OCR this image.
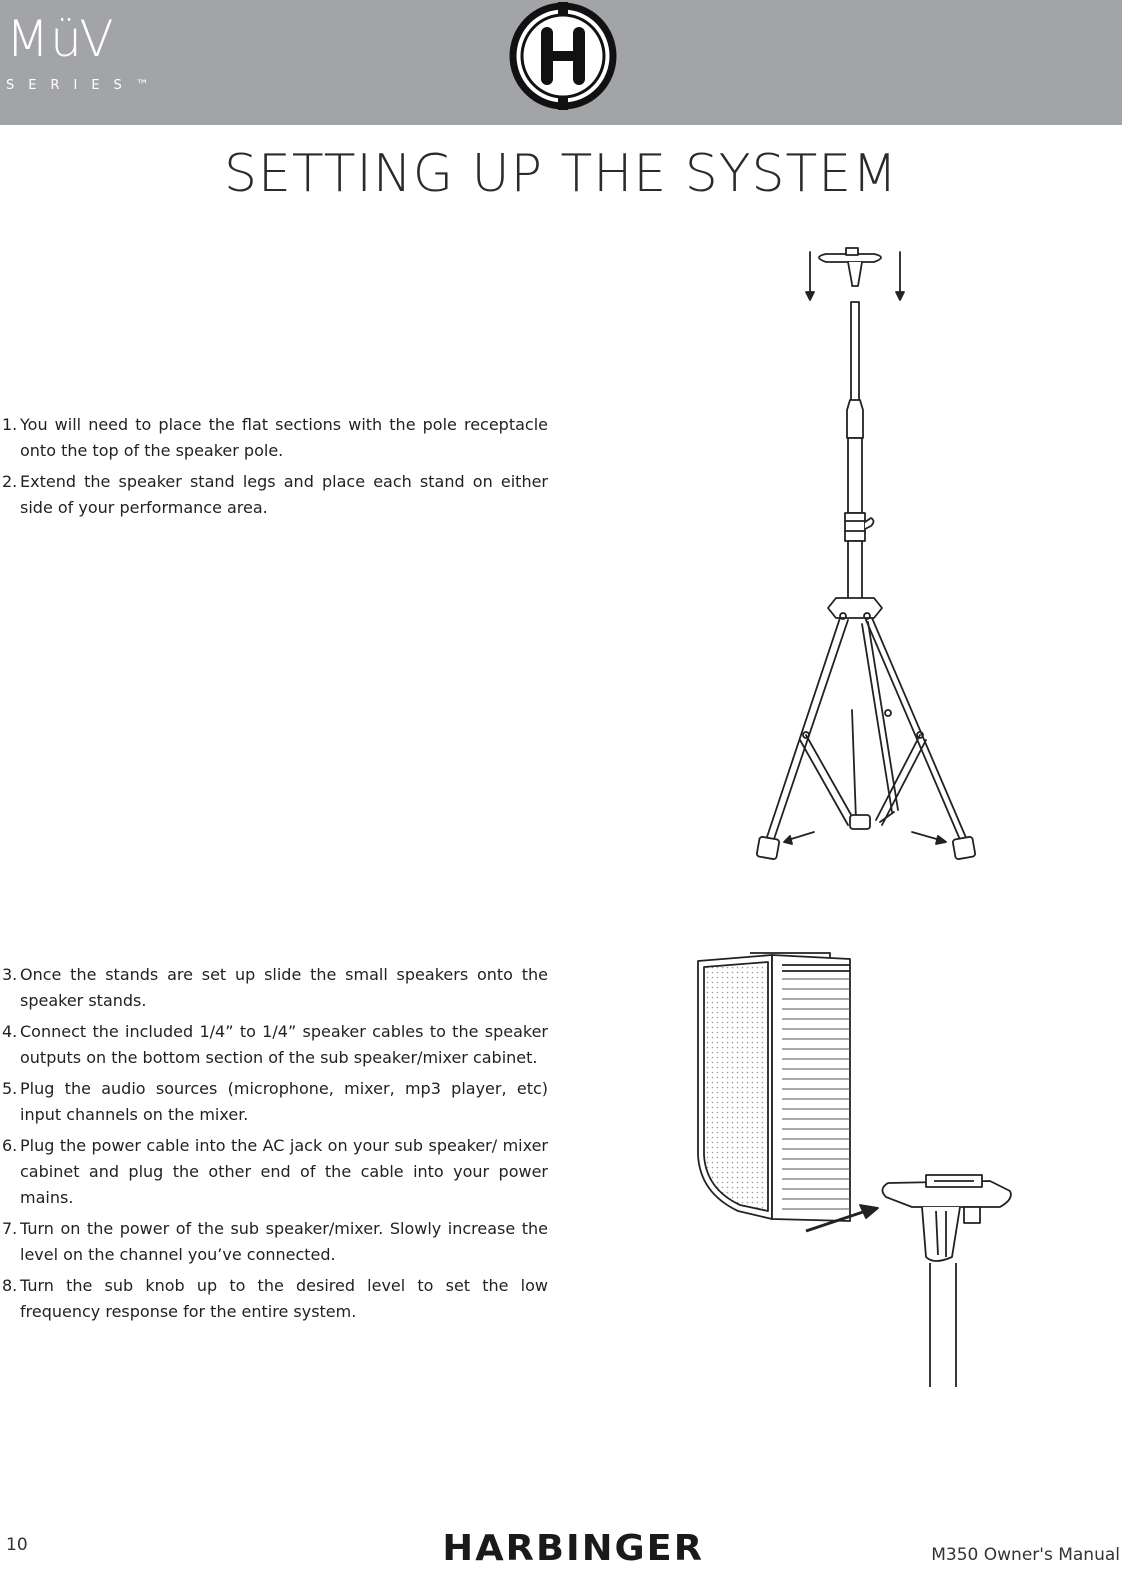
MüV
SERIES™
SETTING UP THE SYSTEM
1. You will need to place the flat sections with the pole receptacle onto the top of the speaker pole.
2. Extend the speaker stand legs and place each stand on either side of your performance area.
3. Once the stands are set up slide the small speakers onto the speaker stands.
4. Connect the included 1/4” to 1/4” speaker cables to the speaker outputs on the bottom section of the sub speaker/mixer cabinet.
5. Plug the audio sources (microphone, mixer, mp3 player, etc) input channels on the mixer.
6. Plug the power cable into the AC jack on your sub speaker/ mixer cabinet and plug the other end of the cable into your power mains.
7. Turn on the power of the sub speaker/mixer. Slowly increase the level on the channel you’ve connected.
8. Turn the sub knob up to the desired level to set the low frequency response for the entire system.
10	HARBINGER	M350 Owner's Manual
